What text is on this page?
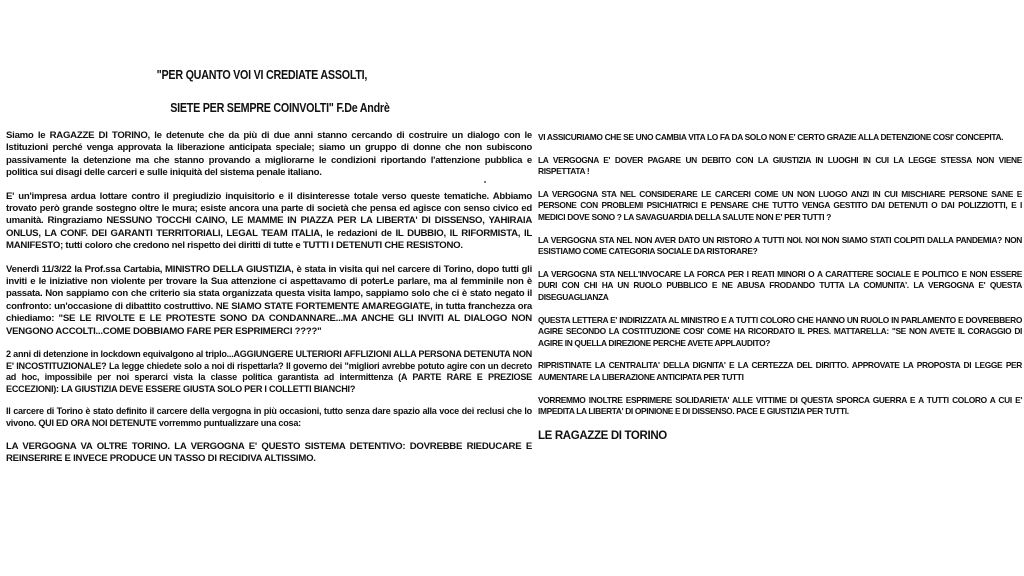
"PER QUANTO VOI VI CREDIATE ASSOLTI,
SIETE PER SEMPRE COINVOLTI" F.De Andrè

Siamo le RAGAZZE DI TORINO, le detenute che da più di due anni stanno cercando di costruire un dialogo con le Istituzioni perché venga approvata la liberazione anticipata speciale; siamo un gruppo di donne che non subiscono passivamente la detenzione ma che stanno provando a migliorarne le condizioni riportando l'attenzione pubblica e politica sui disagi delle carceri e sulle iniquità del sistema penale italiano.

E' un'impresa ardua lottare contro il pregiudizio inquisitorio e il disinteresse totale verso queste tematiche. Abbiamo trovato però grande sostegno oltre le mura; esiste ancora una parte di società che pensa ed agisce con senso civico ed umanità. Ringraziamo NESSUNO TOCCHI CAINO, LE MAMME IN PIAZZA PER LA LIBERTA' DI DISSENSO, YAHIRAIA ONLUS, LA CONF. DEI GARANTI TERRITORIALI, LEGAL TEAM ITALIA, le redazioni de IL DUBBIO, IL RIFORMISTA, IL MANIFESTO; tutti coloro che credono nel rispetto dei diritti di tutte e TUTTI I DETENUTI CHE RESISTONO.

Venerdì 11/3/22 la Prof.ssa Cartabia, MINISTRO DELLA GIUSTIZIA, è stata in visita qui nel carcere di Torino, dopo tutti gli inviti e le iniziative non violente per trovare la Sua attenzione ci aspettavamo di poterLe parlare, ma al femminile non è passata. Non sappiamo con che criterio sia stata organizzata questa visita lampo, sappiamo solo che ci è stato negato il confronto: un'occasione di dibattito costruttivo. NE SIAMO STATE FORTEMENTE AMAREGGIATE, in tutta franchezza ora chiediamo: "SE LE RIVOLTE E LE PROTESTE SONO DA CONDANNARE...MA ANCHE GLI INVITI AL DIALOGO NON VENGONO ACCOLTI...COME DOBBIAMO FARE PER ESPRIMERCI ????"

2 anni di detenzione in lockdown equivalgono al triplo...AGGIUNGERE ULTERIORI AFFLIZIONI ALLA PERSONA DETENUTA NON E' INCOSTITUZIONALE? La legge chiedete solo a noi di rispettarla? Il governo dei "migliori avrebbe potuto agire con un decreto ad hoc, impossibile per noi sperarci vista la classe politica garantista ad intermittenza (A PARTE RARE E PREZIOSE ECCEZIONI): LA GIUSTIZIA DEVE ESSERE GIUSTA SOLO PER I COLLETTI BIANCHI?

Il carcere di Torino è stato definito il carcere della vergogna in più occasioni, tutto senza dare spazio alla voce dei reclusi che lo vivono. QUI ED ORA NOI DETENUTE vorremmo puntualizzare una cosa:

LA VERGOGNA VA OLTRE TORINO. LA VERGOGNA E' QUESTO SISTEMA DETENTIVO: DOVREBBE RIEDUCARE E REINSERIRE E INVECE PRODUCE UN TASSO DI RECIDIVA ALTISSIMO.

VI ASSICURIAMO CHE SE UNO CAMBIA VITA LO FA DA SOLO NON E' CERTO GRAZIE ALLA DETENZIONE COSI' CONCEPITA.

LA VERGOGNA E' DOVER PAGARE UN DEBITO CON LA GIUSTIZIA IN LUOGHI IN CUI LA LEGGE STESSA NON VIENE RISPETTATA !

LA VERGOGNA STA NEL CONSIDERARE LE CARCERI COME UN NON LUOGO ANZI IN CUI MISCHIARE PERSONE SANE E PERSONE CON PROBLEMI PSICHIATRICI E PENSARE CHE TUTTO VENGA GESTITO DAI DETENUTI O DAI POLIZZIOTTI, E I MEDICI DOVE SONO ? LA SAVAGUARDIA DELLA SALUTE NON E' PER TUTTI ?

LA VERGOGNA STA NEL NON AVER DATO UN RISTORO A TUTTI NOI. NOI NON SIAMO STATI COLPITI DALLA PANDEMIA? NON ESISTIAMO COME CATEGORIA SOCIALE DA RISTORARE?

LA VERGOGNA STA NELL'INVOCARE LA FORCA PER I REATI MINORI O A CARATTERE SOCIALE E POLITICO E NON ESSERE DURI CON CHI HA UN RUOLO PUBBLICO E NE ABUSA FRODANDO TUTTA LA COMUNITA'. LA VERGOGNA E' QUESTA DISEGUAGLIANZA

QUESTA LETTERA E' INDIRIZZATA AL MINISTRO E A TUTTI COLORO CHE HANNO UN RUOLO IN PARLAMENTO E DOVREBBERO AGIRE SECONDO LA COSTITUZIONE COSI' COME HA RICORDATO IL PRES. MATTARELLA: "SE NON AVETE IL CORAGGIO DI AGIRE IN QUELLA DIREZIONE PERCHE AVETE APPLAUDITO?

RIPRISTINATE LA CENTRALITA' DELLA DIGNITA' E LA CERTEZZA DEL DIRITTO. APPROVATE LA PROPOSTA DI LEGGE PER AUMENTARE LA LIBERAZIONE ANTICIPATA PER TUTTI

VORREMMO INOLTRE ESPRIMERE SOLIDARIETA' ALLE VITTIME DI QUESTA SPORCA GUERRA E A TUTTI COLORO A CUI E' IMPEDITA LA LIBERTA' DI OPINIONE E DI DISSENSO. PACE E GIUSTIZIA PER TUTTI.

LE RAGAZZE DI TORINO
